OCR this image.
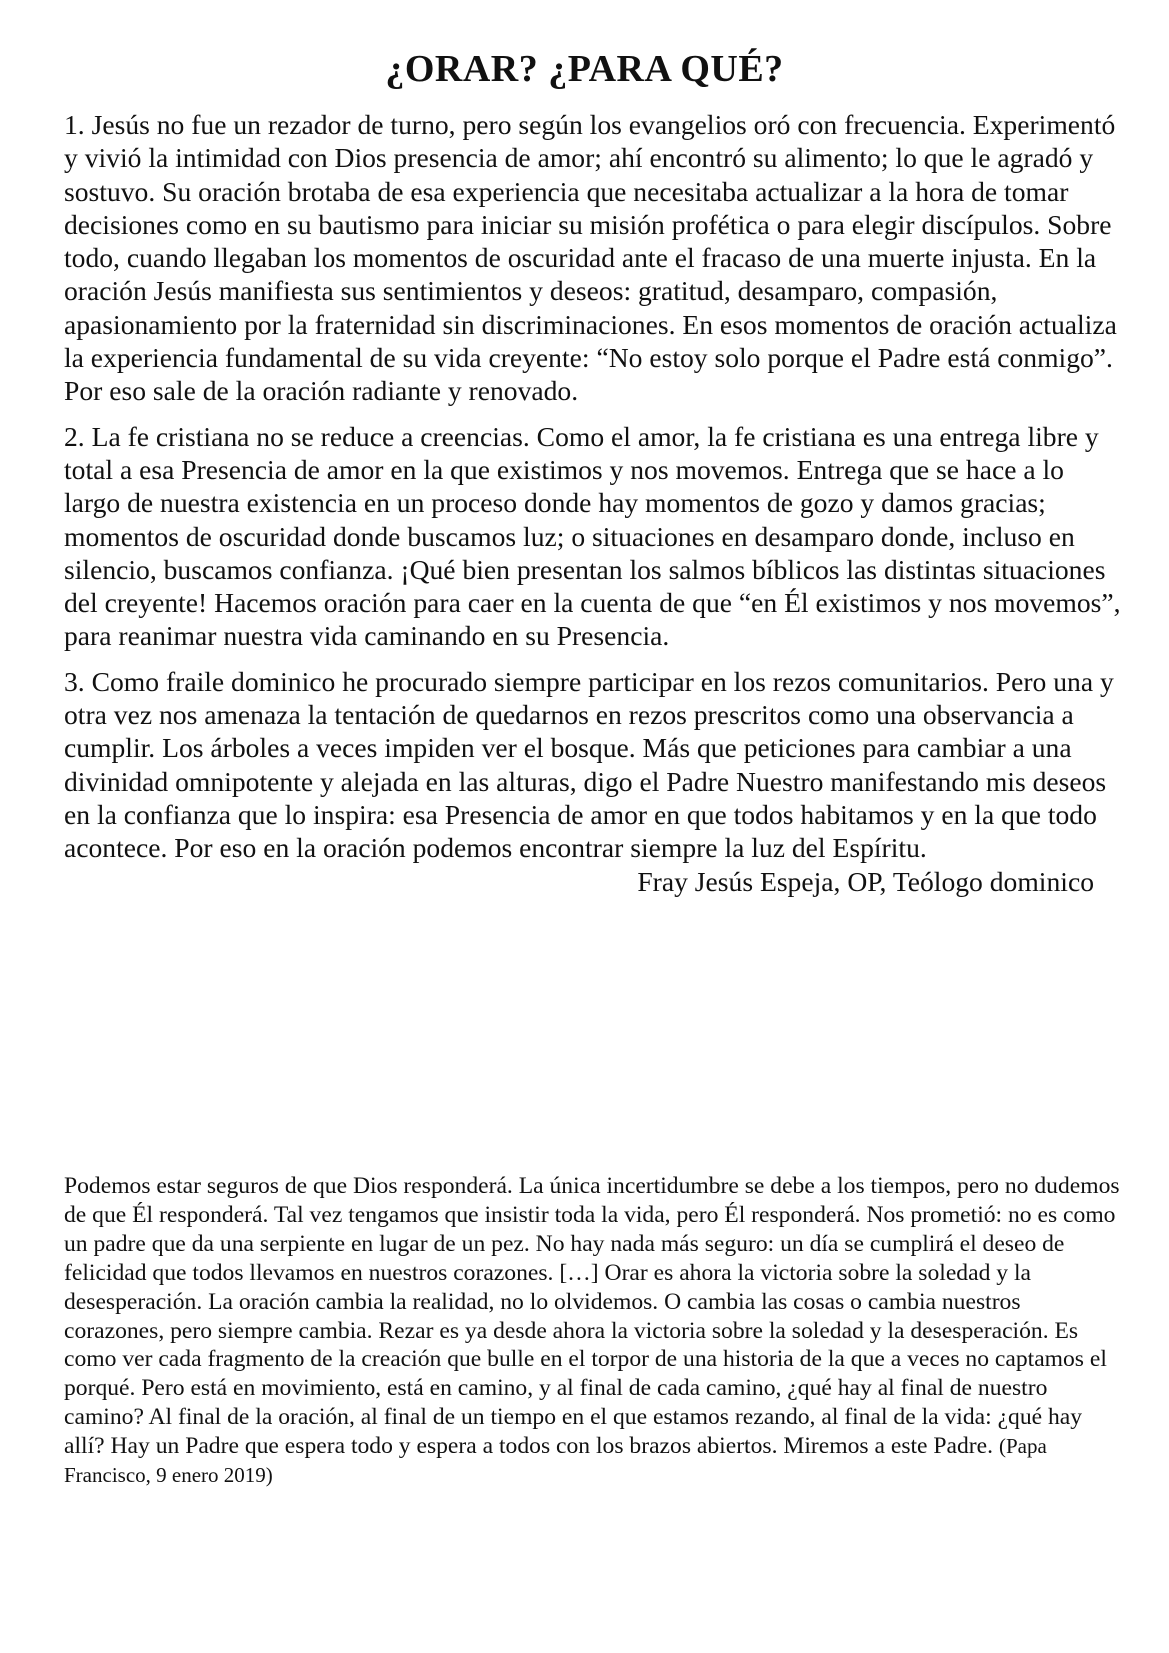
¿ORAR? ¿PARA QUÉ?

1. Jesús no fue un rezador de turno, pero según los evangelios oró con frecuencia. Experimentó y vivió la intimidad con Dios presencia de amor; ahí encontró su alimento; lo que le agradó y sostuvo. Su oración brotaba de esa experiencia que necesitaba actualizar a la hora de tomar decisiones como en su bautismo para iniciar su misión profética o para elegir discípulos. Sobre todo, cuando llegaban los momentos de oscuridad ante el fracaso de una muerte injusta. En la oración Jesús manifiesta sus sentimientos y deseos: gratitud, desamparo, compasión, apasionamiento por la fraternidad sin discriminaciones. En esos momentos de oración actualiza la experiencia fundamental de su vida creyente: “No estoy solo porque el Padre está conmigo”. Por eso sale de la oración radiante y renovado.

2. La fe cristiana no se reduce a creencias. Como el amor, la fe cristiana es una entrega libre y total a esa Presencia de amor en la que existimos y nos movemos. Entrega que se hace a lo largo de nuestra existencia en un proceso donde hay momentos de gozo y damos gracias; momentos de oscuridad donde buscamos luz; o situaciones en desamparo donde, incluso en silencio, buscamos confianza. ¡Qué bien presentan los salmos bíblicos las distintas situaciones del creyente! Hacemos oración para caer en la cuenta de que “en Él existimos y nos movemos”, para reanimar nuestra vida caminando en su Presencia.

3. Como fraile dominico he procurado siempre participar en los rezos comunitarios. Pero una y otra vez nos amenaza la tentación de quedarnos en rezos prescritos como una observancia a cumplir. Los árboles a veces impiden ver el bosque. Más que peticiones para cambiar a una divinidad omnipotente y alejada en las alturas, digo el Padre Nuestro manifestando mis deseos en la confianza que lo inspira: esa Presencia de amor en que todos habitamos y en la que todo acontece. Por eso en la oración podemos encontrar siempre la luz del Espíritu.

Fray Jesús Espeja, OP, Teólogo dominico

Podemos estar seguros de que Dios responderá. La única incertidumbre se debe a los tiempos, pero no dudemos de que Él responderá. Tal vez tengamos que insistir toda la vida, pero Él responderá. Nos prometió: no es como un padre que da una serpiente en lugar de un pez. No hay nada más seguro: un día se cumplirá el deseo de felicidad que todos llevamos en nuestros corazones. […] Orar es ahora la victoria sobre la soledad y la desesperación. La oración cambia la realidad, no lo olvidemos. O cambia las cosas o cambia nuestros corazones, pero siempre cambia. Rezar es ya desde ahora la victoria sobre la soledad y la desesperación. Es como ver cada fragmento de la creación que bulle en el torpor de una historia de la que a veces no captamos el porqué. Pero está en movimiento, está en camino, y al final de cada camino, ¿qué hay al final de nuestro camino? Al final de la oración, al final de un tiempo en el que estamos rezando, al final de la vida: ¿qué hay allí? Hay un Padre que espera todo y espera a todos con los brazos abiertos. Miremos a este Padre. (Papa Francisco, 9 enero 2019)
